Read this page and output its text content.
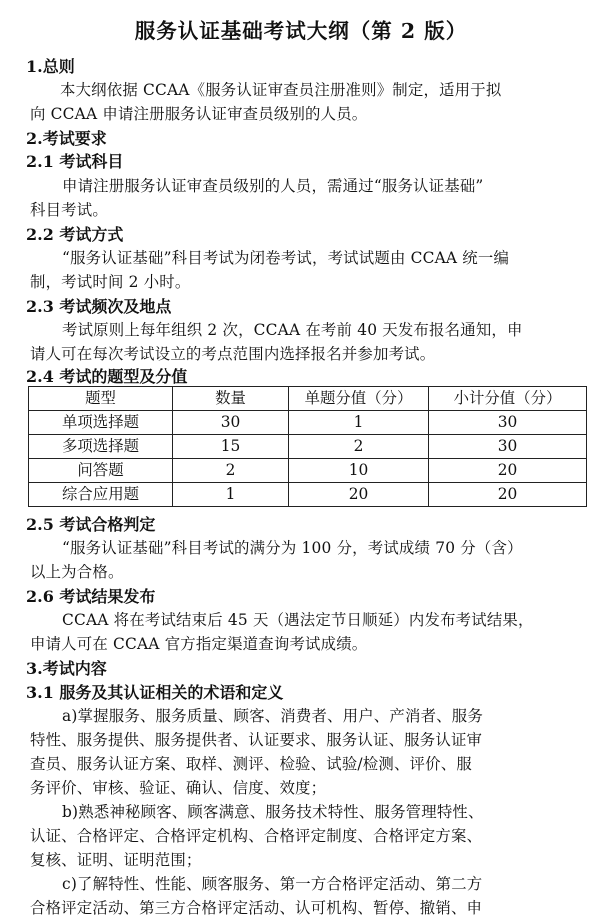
服务认证基础考试大纲（第 2 版）
1.总则
本大纲依据 CCAA《服务认证审查员注册准则》制定，适用于拟
向 CCAA 申请注册服务认证审查员级别的人员。
2.考试要求
2.1 考试科目
申请注册服务认证审查员级别的人员，需通过“服务认证基础”
科目考试。
2.2 考试方式
“服务认证基础”科目考试为闭卷考试，考试试题由 CCAA 统一编
制，考试时间 2 小时。
2.3 考试频次及地点
考试原则上每年组织 2 次，CCAA 在考前 40 天发布报名通知，申
请人可在每次考试设立的考点范围内选择报名并参加考试。
2.4 考试的题型及分值
题型	数量	单题分值（分）	小计分值（分）
单项选择题	30	1	30
多项选择题	15	2	30
问答题	2	10	20
综合应用题	1	20	20
2.5 考试合格判定
“服务认证基础”科目考试的满分为 100 分，考试成绩 70 分（含）
以上为合格。
2.6 考试结果发布
CCAA 将在考试结束后 45 天（遇法定节日顺延）内发布考试结果，
申请人可在 CCAA 官方指定渠道查询考试成绩。
3.考试内容
3.1 服务及其认证相关的术语和定义
a)掌握服务、服务质量、顾客、消费者、用户、产消者、服务
特性、服务提供、服务提供者、认证要求、服务认证、服务认证审
查员、服务认证方案、取样、测评、检验、试验/检测、评价、服
务评价、审核、验证、确认、信度、效度；
b)熟悉神秘顾客、顾客满意、服务技术特性、服务管理特性、
认证、合格评定、合格评定机构、合格评定制度、合格评定方案、
复核、证明、证明范围；
c)了解特性、性能、顾客服务、第一方合格评定活动、第二方
合格评定活动、第三方合格评定活动、认可机构、暂停、撤销、申
